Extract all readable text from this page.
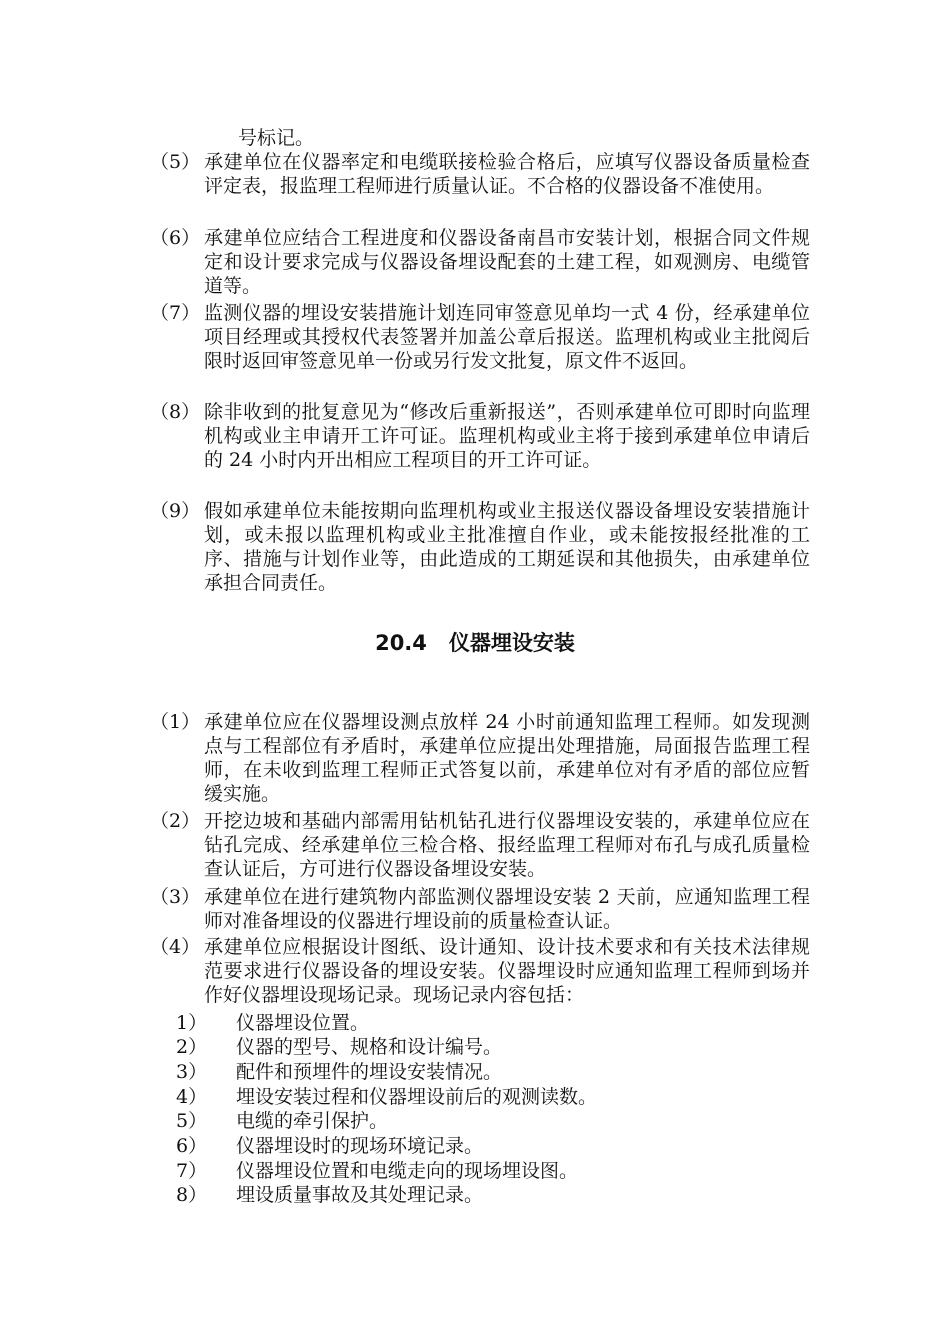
号标记。
（5） 承建单位在仪器率定和电缆联接检验合格后，应填写仪器设备质量检查评定表，报监理工程师进行质量认证。不合格的仪器设备不准使用。
（6） 承建单位应结合工程进度和仪器设备南昌市安装计划，根据合同文件规定和设计要求完成与仪器设备埋设配套的土建工程，如观测房、电缆管道等。
（7） 监测仪器的埋设安装措施计划连同审签意见单均一式 4 份，经承建单位项目经理或其授权代表签署并加盖公章后报送。监理机构或业主批阅后限时返回审签意见单一份或另行发文批复，原文件不返回。
（8） 除非收到的批复意见为“修改后重新报送”，否则承建单位可即时向监理机构或业主申请开工许可证。监理机构或业主将于接到承建单位申请后的 24 小时内开出相应工程项目的开工许可证。
（9） 假如承建单位未能按期向监理机构或业主报送仪器设备埋设安装措施计划，或未报以监理机构或业主批准擅自作业，或未能按报经批准的工序、措施与计划作业等，由此造成的工期延误和其他损失，由承建单位承担合同责任。
20.4 仪器埋设安装
（1） 承建单位应在仪器埋设测点放样 24 小时前通知监理工程师。如发现测点与工程部位有矛盾时，承建单位应提出处理措施，局面报告监理工程师，在未收到监理工程师正式答复以前，承建单位对有矛盾的部位应暂缓实施。
（2） 开挖边坡和基础内部需用钻机钻孔进行仪器埋设安装的，承建单位应在钻孔完成、经承建单位三检合格、报经监理工程师对布孔与成孔质量检查认证后，方可进行仪器设备埋设安装。
（3） 承建单位在进行建筑物内部监测仪器埋设安装 2 天前，应通知监理工程师对准备埋设的仪器进行埋设前的质量检查认证。
（4） 承建单位应根据设计图纸、设计通知、设计技术要求和有关技术法律规范要求进行仪器设备的埋设安装。仪器埋设时应通知监理工程师到场并作好仪器埋设现场记录。现场记录内容包括：
1） 仪器埋设位置。
2） 仪器的型号、规格和设计编号。
3） 配件和预埋件的埋设安装情况。
4） 埋设安装过程和仪器埋设前后的观测读数。
5） 电缆的牵引保护。
6） 仪器埋设时的现场环境记录。
7） 仪器埋设位置和电缆走向的现场埋设图。
8） 埋设质量事故及其处理记录。
